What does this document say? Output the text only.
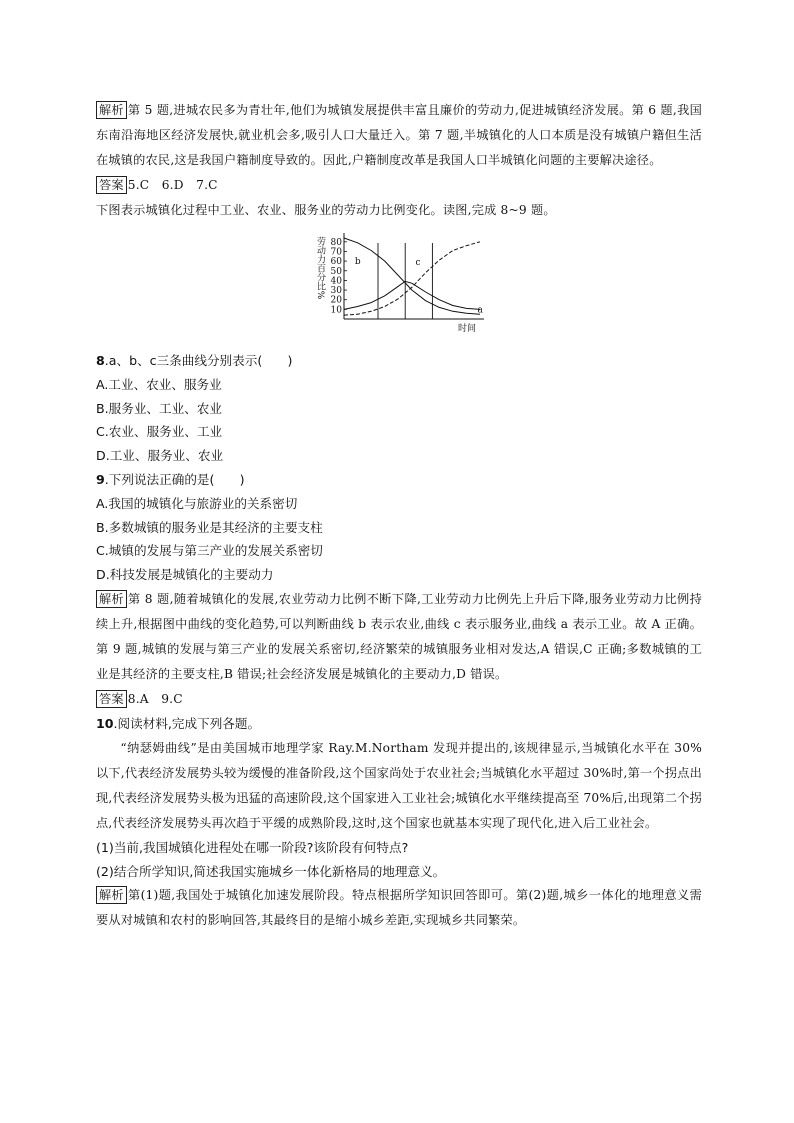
解析 第 5 题,进城农民多为青壮年,他们为城镇发展提供丰富且廉价的劳动力,促进城镇经济发展。第 6 题,我国东南沿海地区经济发展快,就业机会多,吸引人口大量迁入。第 7 题,半城镇化的人口本质是没有城镇户籍但生活在城镇的农民,这是我国户籍制度导致的。因此,户籍制度改革是我国人口半城镇化问题的主要解决途径。

答案 5.C　6.D　7.C

下图表示城镇化过程中工业、农业、服务业的劳动力比例变化。读图,完成 8~9 题。

10
20
30
40
50
60
70
80
劳动力百分比%
时间
a
b	c

8.a、b、c三条曲线分别表示(　　)

A.工业、农业、服务业

B.服务业、工业、农业

C.农业、服务业、工业

D.工业、服务业、农业

9.下列说法正确的是(　　)

A.我国的城镇化与旅游业的关系密切

B.多数城镇的服务业是其经济的主要支柱

C.城镇的发展与第三产业的发展关系密切

D.科技发展是城镇化的主要动力

解析 第 8 题,随着城镇化的发展,农业劳动力比例不断下降,工业劳动力比例先上升后下降,服务业劳动力比例持续上升,根据图中曲线的变化趋势,可以判断曲线 b 表示农业,曲线 c 表示服务业,曲线 a 表示工业。故 A 正确。第 9 题,城镇的发展与第三产业的发展关系密切,经济繁荣的城镇服务业相对发达,A 错误,C 正确;多数城镇的工业是其经济的主要支柱,B 错误;社会经济发展是城镇化的主要动力,D 错误。

答案 8.A　9.C

10.阅读材料,完成下列各题。

“纳瑟姆曲线”是由美国城市地理学家 Ray.M.Northam 发现并提出的,该规律显示,当城镇化水平在 30%以下,代表经济发展势头较为缓慢的准备阶段,这个国家尚处于农业社会;当城镇化水平超过 30%时,第一个拐点出现,代表经济发展势头极为迅猛的高速阶段,这个国家进入工业社会;城镇化水平继续提高至 70%后,出现第二个拐点,代表经济发展势头再次趋于平缓的成熟阶段,这时,这个国家也就基本实现了现代化,进入后工业社会。

(1)当前,我国城镇化进程处在哪一阶段?该阶段有何特点?

(2)结合所学知识,简述我国实施城乡一体化新格局的地理意义。

解析 第(1)题,我国处于城镇化加速发展阶段。特点根据所学知识回答即可。第(2)题,城乡一体化的地理意义需要从对城镇和农村的影响回答,其最终目的是缩小城乡差距,实现城乡共同繁荣。
